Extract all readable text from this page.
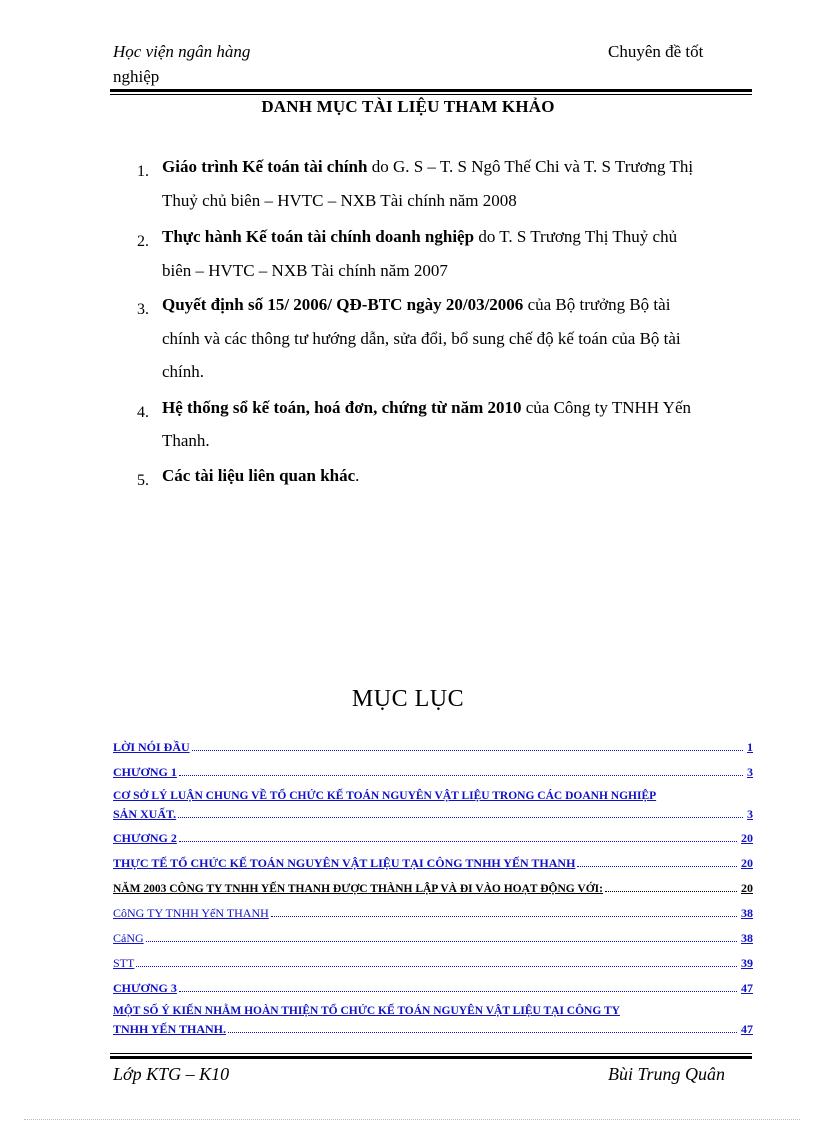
Học viện ngân hàng
nghiệp
Chuyên đề tốt
DANH MỤC TÀI LIỆU THAM KHẢO
1. Giáo trình Kế toán tài chính do G. S – T. S Ngô Thế Chi và T. S Trương Thị
Thuỷ chủ biên – HVTC – NXB Tài chính năm 2008
2. Thực hành Kế toán tài chính doanh nghiệp do T. S Trương Thị Thuỷ chủ
biên – HVTC – NXB Tài chính năm 2007
3. Quyết định số 15/ 2006/ QĐ-BTC ngày 20/03/2006 của Bộ trưởng Bộ tài
chính và các thông tư hướng dẫn, sửa đổi, bổ sung chế độ kế toán của Bộ tài
chính.
4. Hệ thống sổ kế toán, hoá đơn, chứng từ năm 2010 của Công ty TNHH Yến
Thanh.
5. Các tài liệu liên quan khác.
MỤC LỤC
LỜI NÓI ĐẦU	1
CHƯƠNG 1	3
CƠ SỞ LÝ LUẬN CHUNG VỀ TỔ CHỨC KẾ TOÁN NGUYÊN VẬT LIỆU TRONG CÁC DOANH NGHIỆP
SẢN XUẤT.	3
CHƯƠNG 2	20
THỰC TẾ TỔ CHỨC KẾ TOÁN NGUYÊN VẬT LIỆU TẠI CÔNG TNHH YẾN THANH	20
NĂM 2003 CÔNG TY TNHH YẾN THANH ĐƯỢC THÀNH LẬP VÀ ĐI VÀO HOẠT ĐỘNG VỚI:	20
CôNG TY TNHH YếN THANH	38
CảNG	38
STT	39
CHƯƠNG 3	47
MỘT SỐ Ý KIẾN NHẰM HOÀN THIỆN TỔ CHỨC KẾ TOÁN NGUYÊN VẬT LIỆU TẠI CÔNG TY
TNHH YẾN THANH.	47
Lớp KTG – K10	Bùi Trung Quân
